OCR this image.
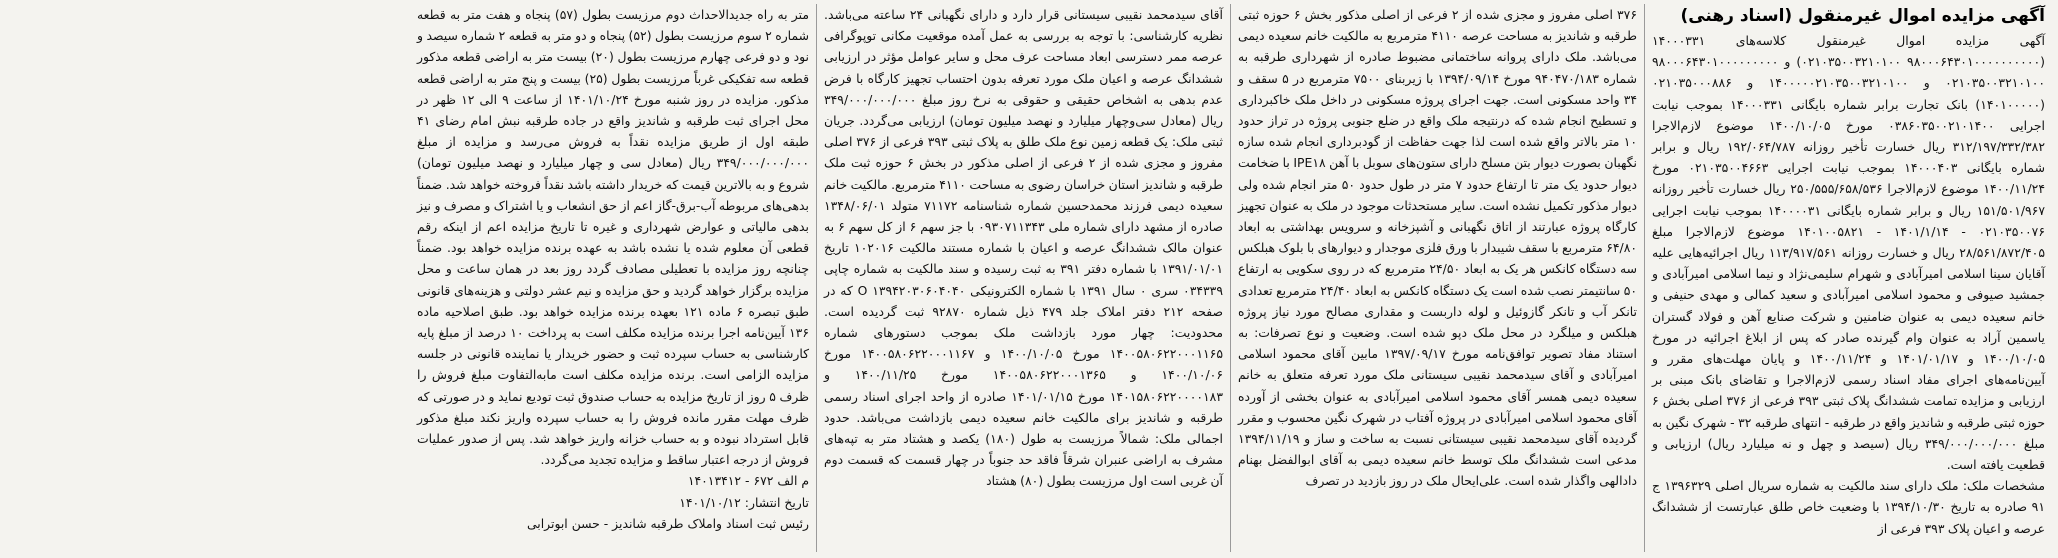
آگهی مزایده اموال غیرمنقول (اسناد رهنی)

آگهی مزایده اموال غیرمنقول کلاسه‌های ۱۴۰۰۰۳۳۱ (۹۸۰۰۰۶۴۳۰۱۰۰۰۰۰۰۰۰۰۰ ۰۲۱۰۳۵۰۰۳۲۱۰۱۰۰) و ۹۸۰۰۰۶۴۳۰۱۰۰۰۰۰۰۰۰۰ ۰۲۱۰۳۵۰۰۳۲۱۰۱۰۰ و ۱۴۰۰۰۰۰۲۱۰۳۵۰۰۳۲۱۰۱۰۰ و ۰۲۱۰۳۵۰۰۰۸۸۶ (۱۴۰۱۰۰۰۰۰) بانک تجارت برابر شماره بایگانی ۱۴۰۰۰۳۳۱ بموجب نیابت اجرایی ۰۳۸۶۰۳۵۰۰۲۱۰۱۴۰۰ مورخ ۱۴۰۰/۱۰/۰۵ موضوع لازم‌الاجرا ۳۱۲/۱۹۷/۳۳۲/۳۸۲ ریال خسارت تأخیر روزانه ۱۹۲/۰۶۴/۷۸۷ ریال و برابر شماره بایگانی ۱۴۰۰۰۴۰۳ بموجب نیابت اجرایی ۰۲۱۰۳۵۰۰۴۶۶۳ مورخ ۱۴۰۰/۱۱/۲۴ موضوع لازم‌الاجرا ۲۵۰/۵۵۵/۶۵۸/۵۳۶ ریال خسارت تأخیر روزانه ۱۵۱/۵۰۱/۹۶۷ ریال و برابر شماره بایگانی ۱۴۰۰۰۰۳۱ بموجب نیابت اجرایی ۰۲۱۰۳۵۰۰۷۶ - ۱۴۰۱/۱/۱۴ - ۱۴۰۱۰۰۵۸۲۱ موضوع لازم‌الاجرا مبلغ ۲۸/۵۶۱/۸۷۲/۴۰۵ ریال و خسارت روزانه ۱۱۳/۹۱۷/۵۶۱ ریال اجرائیه‌هایی علیه آقایان سینا اسلامی امیرآبادی و شهرام سلیمی‌نژاد و نیما اسلامی امیرآبادی و جمشید صیوفی و محمود اسلامی امیرآبادی و سعید کمالی و مهدی حنیفی و خانم سعیده دیمی به عنوان ضامنین و شرکت صنایع آهن و فولاد گستران یاسمین آراد به عنوان وام گیرنده صادر که پس از ابلاغ اجرائیه در مورخ ۱۴۰۰/۱۰/۰۵ و ۱۴۰۱/۰۱/۱۷ و ۱۴۰۰/۱۱/۲۴ و پایان مهلت‌های مقرر و آیین‌نامه‌های اجرای مفاد اسناد رسمی لازم‌الاجرا و تقاضای بانک مبنی بر ارزیابی و مزایده تمامت ششدانگ پلاک ثبتی ۳۹۳ فرعی از ۳۷۶ اصلی بخش ۶ حوزه ثبتی طرقبه و شاندیز واقع در طرقبه - انتهای طرقبه ۳۲ - شهرک نگین به مبلغ ۳۴۹/۰۰۰/۰۰۰/۰۰۰ ریال (سیصد و چهل و نه میلیارد ریال) ارزیابی و قطعیت یافته است.

مشخصات ملک: ملک دارای سند مالکیت به شماره سریال اصلی ۱۳۹۶۳۲۹ ج ۹۱ صادره به تاریخ ۱۳۹۴/۱۰/۳۰ با وضعیت خاص طلق عبارتست از ششدانگ عرصه و اعیان پلاک ۳۹۳ فرعی از

۳۷۶ اصلی مفروز و مجزی شده از ۲ فرعی از اصلی مذکور بخش ۶ حوزه ثبتی طرقبه و شاندیز به مساحت عرصه ۴۱۱۰ مترمربع به مالکیت خانم سعیده دیمی می‌باشد. ملک دارای پروانه ساختمانی مضبوط صادره از شهرداری طرقبه به شماره ۹۴۰۴۷۰/۱۸۳ مورخ ۱۳۹۴/۰۹/۱۴ با زیربنای ۷۵۰۰ مترمربع در ۵ سقف و ۳۴ واحد مسکونی است. جهت اجرای پروژه مسکونی در داخل ملک خاکبرداری و تسطیح انجام شده که درنتیجه ملک واقع در ضلع جنوبی پروژه در تراز حدود ۱۰ متر بالاتر واقع شده است لذا جهت حفاظت از گودبرداری انجام شده سازه نگهبان بصورت دیوار بتن مسلح دارای ستون‌های سوبل با آهن IPE۱۸ با ضخامت دیوار حدود یک متر تا ارتفاع حدود ۷ متر در طول حدود ۵۰ متر انجام شده ولی دیوار مذکور تکمیل نشده است. سایر مستحدثات موجود در ملک به عنوان تجهیز کارگاه پروژه عبارتند از اتاق نگهبانی و آشپزخانه و سرویس بهداشتی به ابعاد ۶۴/۸۰ مترمربع با سقف شیبدار با ورق فلزی موجدار و دیوارهای با بلوک هبلکس سه دستگاه کانکس هر یک به ابعاد ۲۴/۵۰ مترمربع که در روی سکویی به ارتفاع ۵۰ سانتیمتر نصب شده است یک دستگاه کانکس به ابعاد ۲۴/۴۰ مترمربع تعدادی تانکر آب و تانکر گازوئیل و لوله داربست و مقداری مصالح مورد نیاز پروژه هبلکس و میلگرد در محل ملک دپو شده است. وضعیت و نوع تصرفات: به استناد مفاد تصویر توافق‌نامه مورخ ۱۳۹۷/۰۹/۱۷ مابین آقای محمود اسلامی امیرآبادی و آقای سیدمحمد نقیبی سیستانی ملک مورد تعرفه متعلق به خانم سعیده دیمی همسر آقای محمود اسلامی امیرآبادی به عنوان بخشی از آورده آقای محمود اسلامی امیرآبادی در پروژه آفتاب در شهرک نگین محسوب و مقرر گردیده آقای سیدمحمد نقیبی سیستانی نسبت به ساخت و ساز و ۱۳۹۴/۱۱/۱۹ مدعی است ششدانگ ملک توسط خانم سعیده دیمی به آقای ابوالفضل بهنام دادالهی واگذار شده است. علی‌ایحال ملک در روز بازدید در تصرف

آقای سیدمحمد نقیبی سیستانی قرار دارد و دارای نگهبانی ۲۴ ساعته می‌باشد. نظریه کارشناسی: با توجه به بررسی به عمل آمده موقعیت مکانی توپوگرافی عرصه ممر دسترسی ابعاد مساحت عرف محل و سایر عوامل مؤثر در ارزیابی ششدانگ عرصه و اعیان ملک مورد تعرفه بدون احتساب تجهیز کارگاه با فرض عدم بدهی به اشخاص حقیقی و حقوقی به نرخ روز مبلغ ۳۴۹/۰۰۰/۰۰۰/۰۰۰ ریال (معادل سی‌وچهار میلیارد و نهصد میلیون تومان) ارزیابی می‌گردد. جریان ثبتی ملک: یک قطعه زمین نوع ملک طلق به پلاک ثبتی ۳۹۳ فرعی از ۳۷۶ اصلی مفروز و مجزی شده از ۲ فرعی از اصلی مذکور در بخش ۶ حوزه ثبت ملک طرقبه و شاندیز استان خراسان رضوی به مساحت ۴۱۱۰ مترمربع. مالکیت خانم سعیده دیمی فرزند محمدحسین شماره شناسنامه ۷۱۱۷۲ متولد ۱۳۴۸/۰۶/۰۱ صادره از مشهد دارای شماره ملی ۰۹۳۰۷۱۱۳۴۳ با جز سهم ۶ از کل سهم ۶ به عنوان مالک ششدانگ عرصه و اعیان با شماره مستند مالکیت ۱۰۲۰۱۶ تاریخ ۱۳۹۱/۰۱/۰۱ با شماره دفتر ۳۹۱ به ثبت رسیده و سند مالکیت به شماره چاپی ۰۳۴۳۳۹ سری ۰ سال ۱۳۹۱ با شماره الکترونیکی ۱۳۹۴۲۰۳۰۶۰۴۰۴۰ O که در صفحه ۲۱۲ دفتر املاک جلد ۴۷۹ ذیل شماره ۹۲۸۷۰ ثبت گردیده است. محدودیت: چهار مورد بازداشت ملک بموجب دستورهای شماره ۱۴۰۰۵۸۰۶۲۲۰۰۰۱۱۶۵ مورخ ۱۴۰۰/۱۰/۰۵ و ۱۴۰۰۵۸۰۶۲۲۰۰۰۱۱۶۷ مورخ ۱۴۰۰/۱۰/۰۶ و ۱۴۰۰۵۸۰۶۲۲۰۰۰۱۳۶۵ مورخ ۱۴۰۰/۱۱/۲۵ و ۱۴۰۱۵۸۰۶۲۲۰۰۰۰۱۸۳ مورخ ۱۴۰۱/۰۱/۱۵ صادره از واحد اجرای اسناد رسمی طرقبه و شاندیز برای مالکیت خانم سعیده دیمی بازداشت می‌باشد. حدود اجمالی ملک: شمالاً مرزیست به طول (۱۸۰) یکصد و هشتاد متر به تپه‌های مشرف به اراضی عنبران شرقاً فاقد حد جنوباً در چهار قسمت که قسمت دوم آن غربی است اول مرزیست بطول (۸۰) هشتاد

متر به راه جدیدالاحداث دوم مرزیست بطول (۵۷) پنجاه و هفت متر به قطعه شماره ۲ سوم مرزیست بطول (۵۲) پنجاه و دو متر به قطعه ۲ شماره سیصد و نود و دو فرعی چهارم مرزیست بطول (۲۰) بیست متر به اراضی قطعه مذکور قطعه سه تفکیکی غرباً مرزیست بطول (۲۵) بیست و پنج متر به اراضی قطعه مذکور. مزایده در روز شنبه مورخ ۱۴۰۱/۱۰/۲۴ از ساعت ۹ الی ۱۲ ظهر در محل اجرای ثبت طرقبه و شاندیز واقع در جاده طرقبه نبش امام رضای ۴۱ طبقه اول از طریق مزایده نقداً به فروش می‌رسد و مزایده از مبلغ ۳۴۹/۰۰۰/۰۰۰/۰۰۰ ریال (معادل سی و چهار میلیارد و نهصد میلیون تومان) شروع و به بالاترین قیمت که خریدار داشته باشد نقداً فروخته خواهد شد. ضمناً بدهی‌های مربوطه آب-برق-گاز اعم از حق انشعاب و یا اشتراک و مصرف و نیز بدهی مالیاتی و عوارض شهرداری و غیره تا تاریخ مزایده اعم از اینکه رقم قطعی آن معلوم شده یا نشده باشد به عهده برنده مزایده خواهد بود. ضمناً چنانچه روز مزایده با تعطیلی مصادف گردد روز بعد در همان ساعت و محل مزایده برگزار خواهد گردید و حق مزایده و نیم عشر دولتی و هزینه‌های قانونی طبق تبصره ۶ ماده ۱۲۱ بعهده برنده مزایده خواهد بود. طبق اصلاحیه ماده ۱۳۶ آیین‌نامه اجرا برنده مزایده مکلف است به پرداخت ۱۰ درصد از مبلغ پایه کارشناسی به حساب سپرده ثبت و حضور خریدار یا نماینده قانونی در جلسه مزایده الزامی است. برنده مزایده مکلف است مابه‌التفاوت مبلغ فروش را ظرف ۵ روز از تاریخ مزایده به حساب صندوق ثبت تودیع نماید و در صورتی که ظرف مهلت مقرر مانده فروش را به حساب سپرده واریز نکند مبلغ مذکور قابل استرداد نبوده و به حساب خزانه واریز خواهد شد. پس از صدور عملیات فروش از درجه اعتبار ساقط و مزایده تجدید می‌گردد.

م الف ۶۷۲ - ۱۴۰۱۳۴۱۲

تاریخ انتشار: ۱۴۰۱/۱۰/۱۲

رئیس ثبت اسناد واملاک طرقبه شاندیز - حسن ابوترابی
